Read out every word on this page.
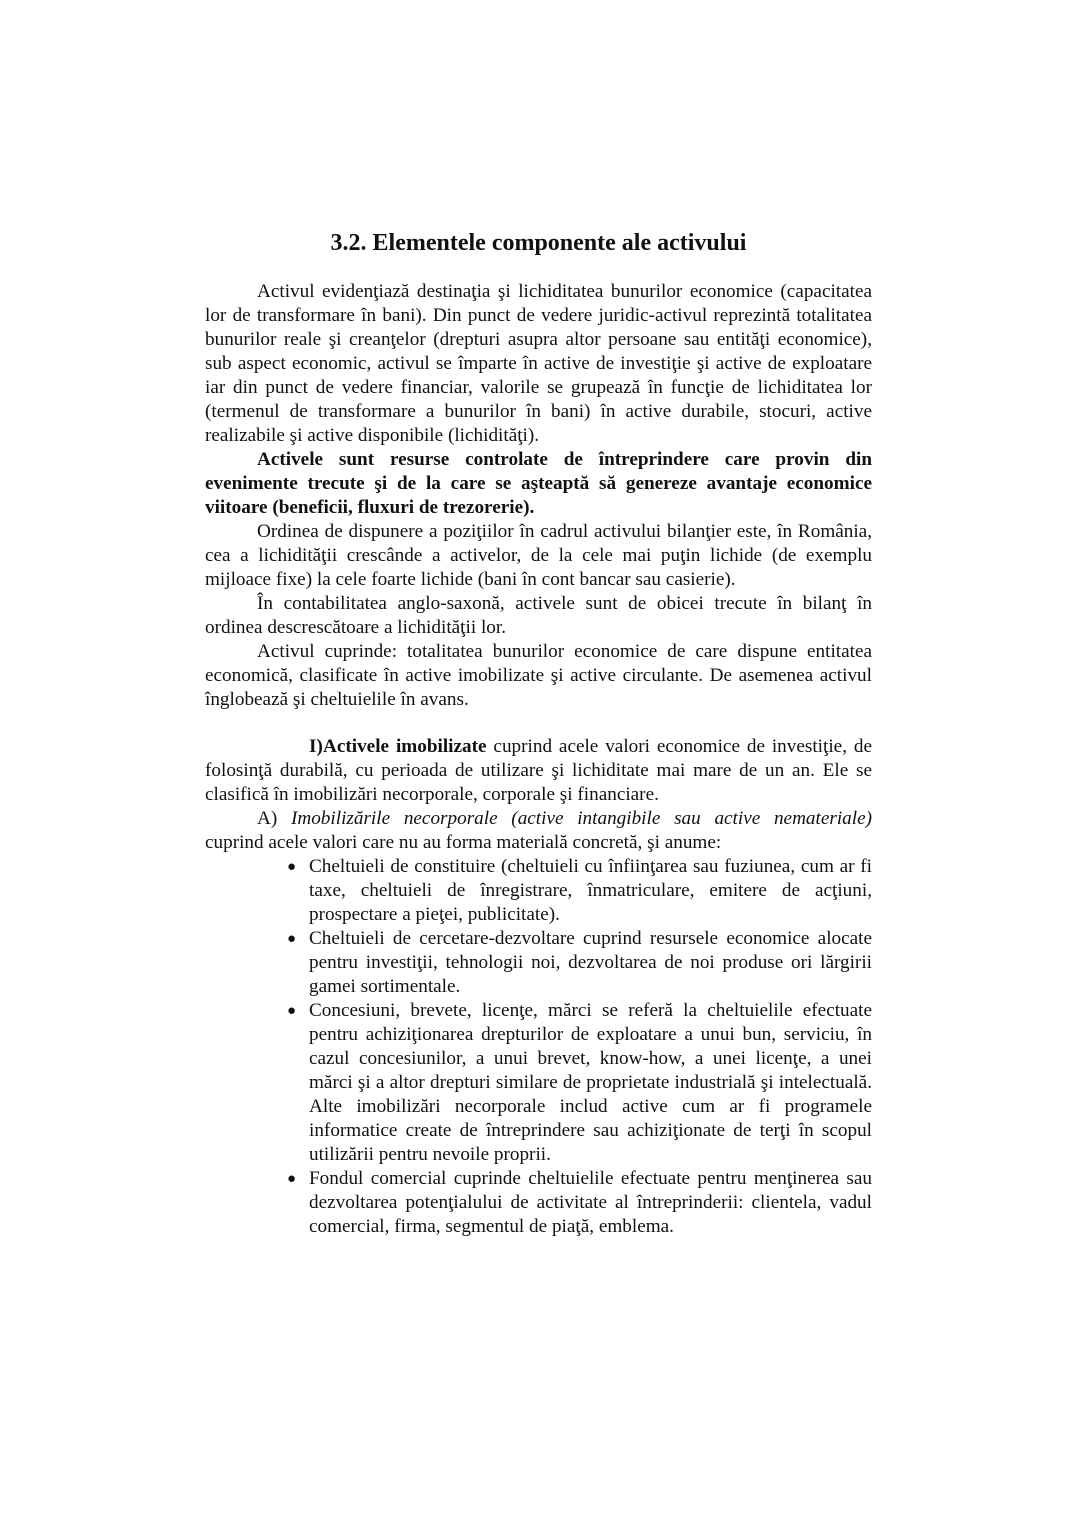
3.2. Elementele componente ale activului

Activul evidenţiază destinaţia şi lichiditatea bunurilor economice (capacitatea lor de transformare în bani). Din punct de vedere juridic-activul reprezintă totalitatea bunurilor reale şi creanţelor (drepturi asupra altor persoane sau entităţi economice), sub aspect economic, activul se împarte în active de investiţie şi active de exploatare iar din punct de vedere financiar, valorile se grupează în funcţie de lichiditatea lor (termenul de transformare a bunurilor în bani) în active durabile, stocuri, active realizabile şi active disponibile (lichidităţi).

Activele sunt resurse controlate de întreprindere care provin din evenimente trecute şi de la care se aşteaptă să genereze avantaje economice viitoare (beneficii, fluxuri de trezorerie).

Ordinea de dispunere a poziţiilor în cadrul activului bilanţier este, în România, cea a lichidităţii crescânde a activelor, de la cele mai puţin lichide (de exemplu mijloace fixe) la cele foarte lichide (bani în cont bancar sau casierie).

În contabilitatea anglo-saxonă, activele sunt de obicei trecute în bilanţ în ordinea descrescătoare a lichidităţii lor.

Activul cuprinde: totalitatea bunurilor economice de care dispune entitatea economică, clasificate în active imobilizate şi active circulante. De asemenea activul înglobează şi cheltuielile în avans.

I)Activele imobilizate cuprind acele valori economice de investiţie, de folosinţă durabilă, cu perioada de utilizare şi lichiditate mai mare de un an. Ele se clasifică în imobilizări necorporale, corporale şi financiare.

A) Imobilizările necorporale (active intangibile sau active nemateriale) cuprind acele valori care nu au forma materială concretă, şi anume:

● Cheltuieli de constituire (cheltuieli cu înfiinţarea sau fuziunea, cum ar fi taxe, cheltuieli de înregistrare, înmatriculare, emitere de acţiuni, prospectare a pieţei, publicitate).
● Cheltuieli de cercetare-dezvoltare cuprind resursele economice alocate pentru investiţii, tehnologii noi, dezvoltarea de noi produse ori lărgirii gamei sortimentale.
● Concesiuni, brevete, licenţe, mărci se referă la cheltuielile efectuate pentru achiziţionarea drepturilor de exploatare a unui bun, serviciu, în cazul concesiunilor, a unui brevet, know-how, a unei licenţe, a unei mărci şi a altor drepturi similare de proprietate industrială şi intelectuală. Alte imobilizări necorporale includ active cum ar fi programele informatice create de întreprindere sau achiziţionate de terţi în scopul utilizării pentru nevoile proprii.
● Fondul comercial cuprinde cheltuielile efectuate pentru menţinerea sau dezvoltarea potenţialului de activitate al întreprinderii: clientela, vadul comercial, firma, segmentul de piaţă, emblema.
